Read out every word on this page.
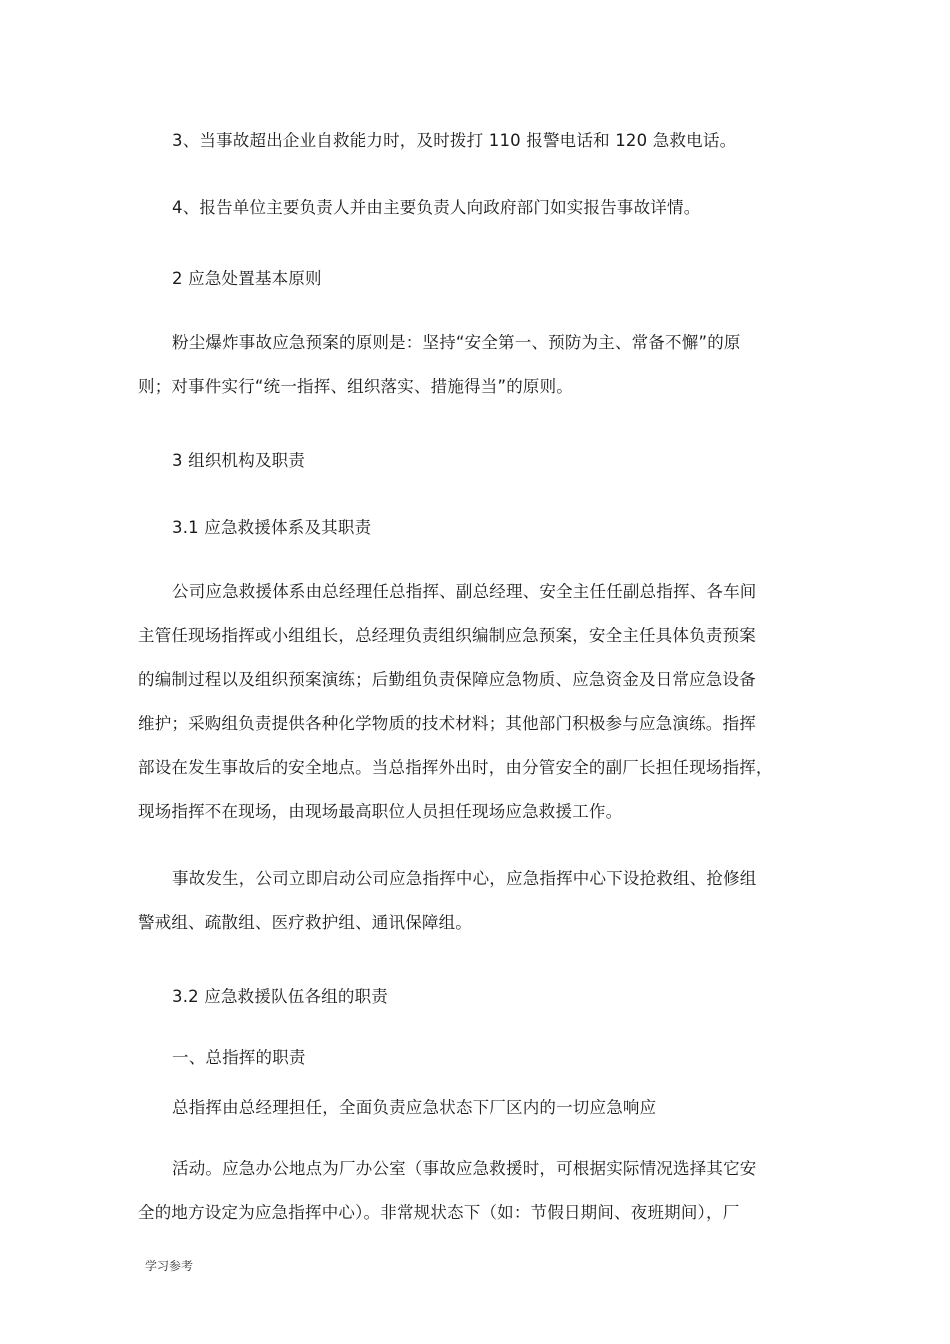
3、当事故超出企业自救能力时，及时拨打 110 报警电话和 120 急救电话。
4、报告单位主要负责人并由主要负责人向政府部门如实报告事故详情。
2 应急处置基本原则
粉尘爆炸事故应急预案的原则是：坚持“安全第一、预防为主、常备不懈”的原
则；对事件实行“统一指挥、组织落实、措施得当”的原则。
3 组织机构及职责
3.1 应急救援体系及其职责
公司应急救援体系由总经理任总指挥、副总经理、安全主任任副总指挥、各车间
主管任现场指挥或小组组长，总经理负责组织编制应急预案，安全主任具体负责预案
的编制过程以及组织预案演练；后勤组负责保障应急物质、应急资金及日常应急设备
维护；采购组负责提供各种化学物质的技术材料；其他部门积极参与应急演练。指挥
部设在发生事故后的安全地点。当总指挥外出时，由分管安全的副厂长担任现场指挥，
现场指挥不在现场，由现场最高职位人员担任现场应急救援工作。
事故发生，公司立即启动公司应急指挥中心，应急指挥中心下设抢救组、抢修组
警戒组、疏散组、医疗救护组、通讯保障组。
3.2 应急救援队伍各组的职责
一、总指挥的职责
总指挥由总经理担任，全面负责应急状态下厂区内的一切应急响应
活动。应急办公地点为厂办公室（事故应急救援时，可根据实际情况选择其它安
全的地方设定为应急指挥中心）。非常规状态下（如：节假日期间、夜班期间），厂
学习参考
